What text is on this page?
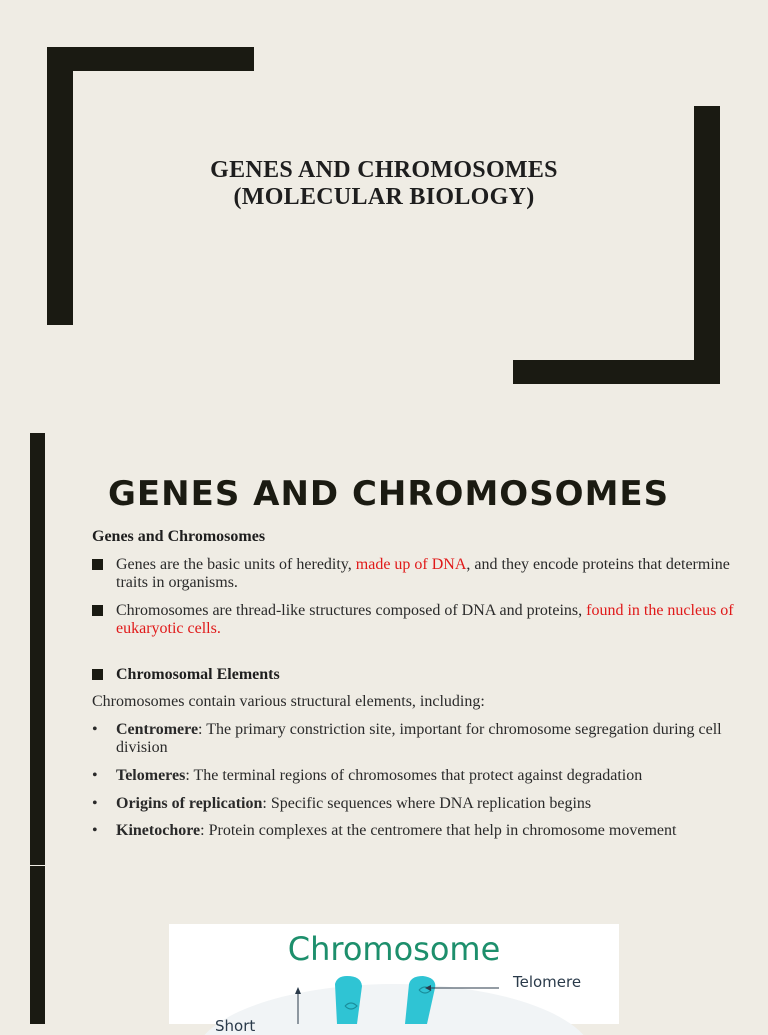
GENES AND CHROMOSOMES
(MOLECULAR BIOLOGY)
GENES AND CHROMOSOMES
Genes and Chromosomes
Genes are the basic units of heredity, made up of DNA, and they encode proteins that determine traits in organisms.
Chromosomes are thread-like structures composed of DNA and proteins, found in the nucleus of eukaryotic cells.
Chromosomal Elements
Chromosomes contain various structural elements, including:
•	Centromere: The primary constriction site, important for chromosome segregation during cell division
•	Telomeres: The terminal regions of chromosomes that protect against degradation
•	Origins of replication: Specific sequences where DNA replication begins
•	Kinetochore: Protein complexes at the centromere that help in chromosome movement
Chromosome
Telomere
Short
